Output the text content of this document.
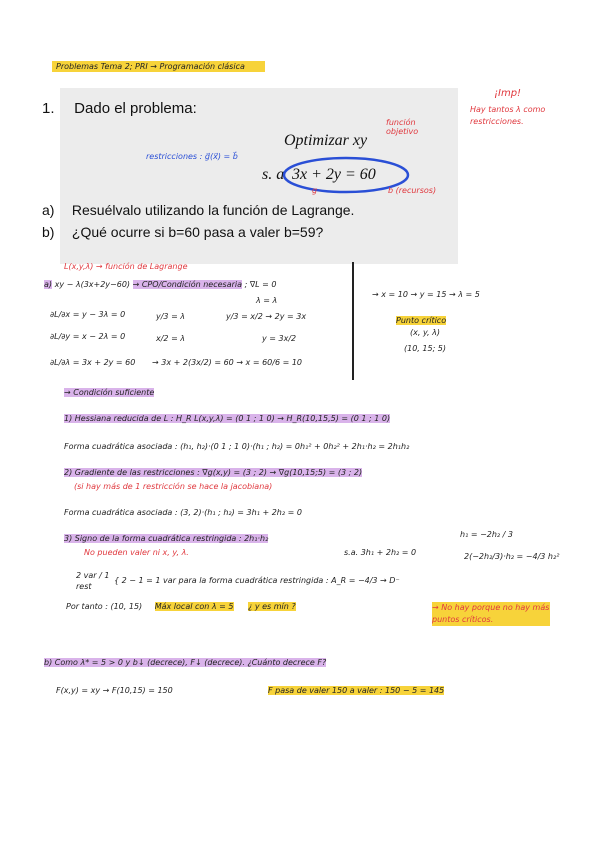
Problemas Tema 2; PRI → Programación clásica
1. Dado el problema:
Optimizar xy
s. a 3x + 2y = 60
a) Resuélvalo utilizando la función de Lagrange.
b) ¿Qué ocurre si b=60 pasa a valer b=59?
función objetivo
restricciones : g⃗(x⃗) = b⃗
g	b (recursos)
¡Imp!
Hay tantos λ como restricciones.
L(x,y,λ) → función de Lagrange
a) xy − λ(3x+2y−60) → CPO/Condición necesaria ; ∇L = 0
λ = λ
∂L/∂x = y − 3λ = 0
∂L/∂y = x − 2λ = 0
y/3 = λ
x/2 = λ
y/3 = x/2 → 2y = 3x
y = 3x/2
∂L/∂λ = 3x + 2y = 60 → 3x + 2(3x/2) = 60 → x = 60/6 = 10
→ x = 10 → y = 15 → λ = 5
Punto crítico
(x, y, λ)
(10, 15; 5)
→ Condición suficiente
1) Hessiana reducida de L : H_R L(x,y,λ) = (0 1 ; 1 0) → H_R(10,15,5) = (0 1 ; 1 0)
Forma cuadrática asociada : (h₁, h₂)·(0 1 ; 1 0)·(h₁ ; h₂) = 0h₁² + 0h₂² + 2h₁·h₂ = 2h₁h₂
2) Gradiente de las restricciones : ∇g(x,y) = (3 ; 2) → ∇g(10,15;5) = (3 ; 2)
(si hay más de 1 restricción se hace la jacobiana)
Forma cuadrática asociada : (3, 2)·(h₁ ; h₂) = 3h₁ + 2h₂ = 0
3) Signo de la forma cuadrática restringida : 2h₁·h₂
No pueden valer ni x, y, λ.	s.a. 3h₁ + 2h₂ = 0
h₁ = −2h₂ / 3
2(−2h₂/3)·h₂ = −4/3 h₂²
2 var / 1 rest
{ 2 − 1 = 1 var para la forma cuadrática restringida : A_R = −4/3 → D⁻
Por tanto : (10, 15) Máx local con λ = 5 ¿ y es mín ?	→ No hay porque no hay más puntos críticos.
b) Como λ* = 5 > 0 y b↓ (decrece), F↓ (decrece). ¿Cuánto decrece F?
F(x,y) = xy → F(10,15) = 150	F pasa de valer 150 a valer : 150 − 5 = 145
